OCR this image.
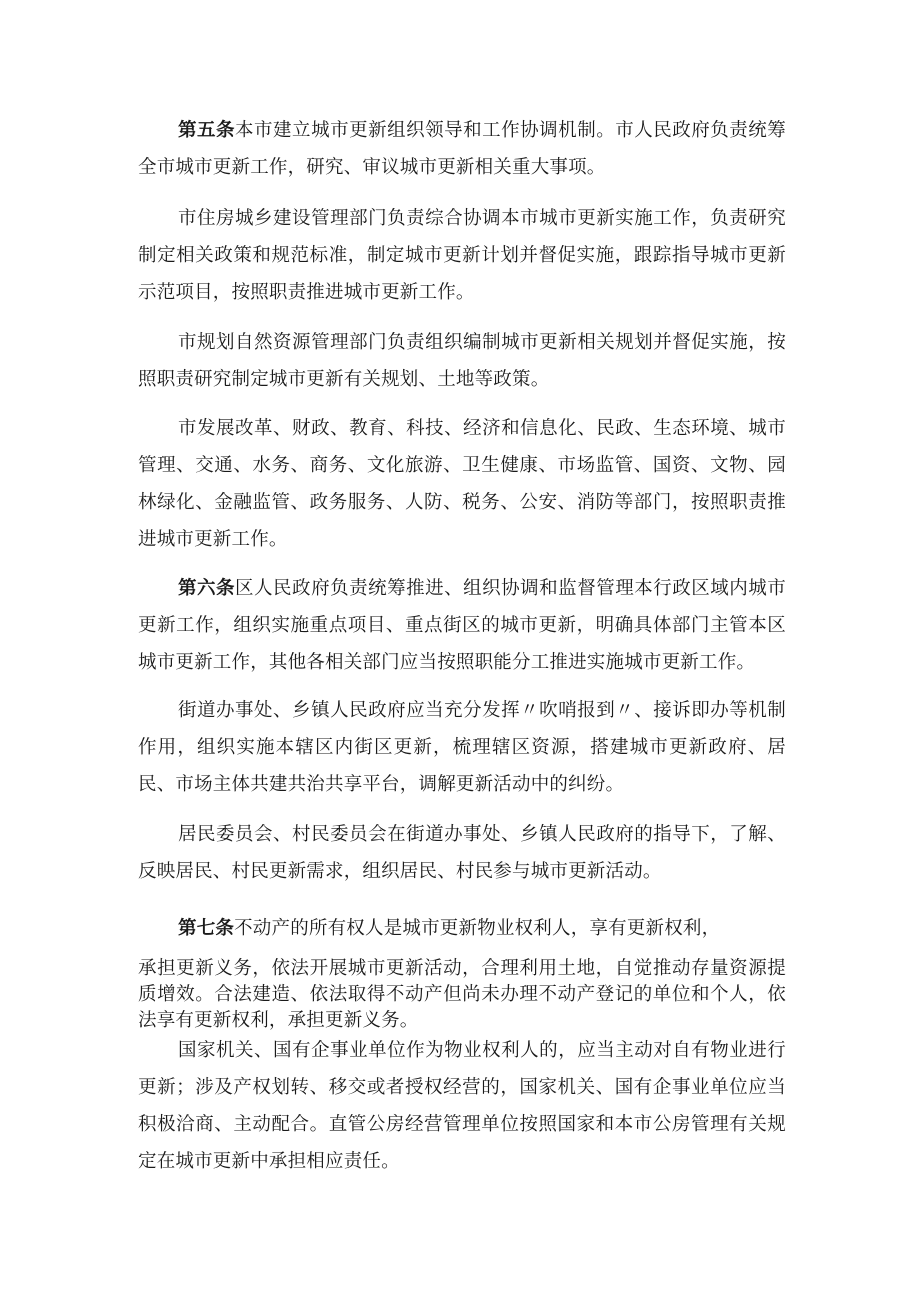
第五条本市建立城市更新组织领导和工作协调机制。市人民政府负责统筹全市城市更新工作，研究、审议城市更新相关重大事项。

市住房城乡建设管理部门负责综合协调本市城市更新实施工作，负责研究制定相关政策和规范标准，制定城市更新计划并督促实施，跟踪指导城市更新示范项目，按照职责推进城市更新工作。

市规划自然资源管理部门负责组织编制城市更新相关规划并督促实施，按照职责研究制定城市更新有关规划、土地等政策。

市发展改革、财政、教育、科技、经济和信息化、民政、生态环境、城市管理、交通、水务、商务、文化旅游、卫生健康、市场监管、国资、文物、园林绿化、金融监管、政务服务、人防、税务、公安、消防等部门，按照职责推进城市更新工作。

第六条区人民政府负责统筹推进、组织协调和监督管理本行政区域内城市更新工作，组织实施重点项目、重点街区的城市更新，明确具体部门主管本区城市更新工作，其他各相关部门应当按照职能分工推进实施城市更新工作。

街道办事处、乡镇人民政府应当充分发挥〃吹哨报到〃、接诉即办等机制作用，组织实施本辖区内街区更新，梳理辖区资源，搭建城市更新政府、居民、市场主体共建共治共享平台，调解更新活动中的纠纷。

居民委员会、村民委员会在街道办事处、乡镇人民政府的指导下，了解、反映居民、村民更新需求，组织居民、村民参与城市更新活动。

第七条不动产的所有权人是城市更新物业权利人，享有更新权利，

承担更新义务，依法开展城市更新活动，合理利用土地，自觉推动存量资源提质增效。合法建造、依法取得不动产但尚未办理不动产登记的单位和个人，依法享有更新权利，承担更新义务。

国家机关、国有企事业单位作为物业权利人的，应当主动对自有物业进行更新；涉及产权划转、移交或者授权经营的，国家机关、国有企事业单位应当积极洽商、主动配合。直管公房经营管理单位按照国家和本市公房管理有关规定在城市更新中承担相应责任。
